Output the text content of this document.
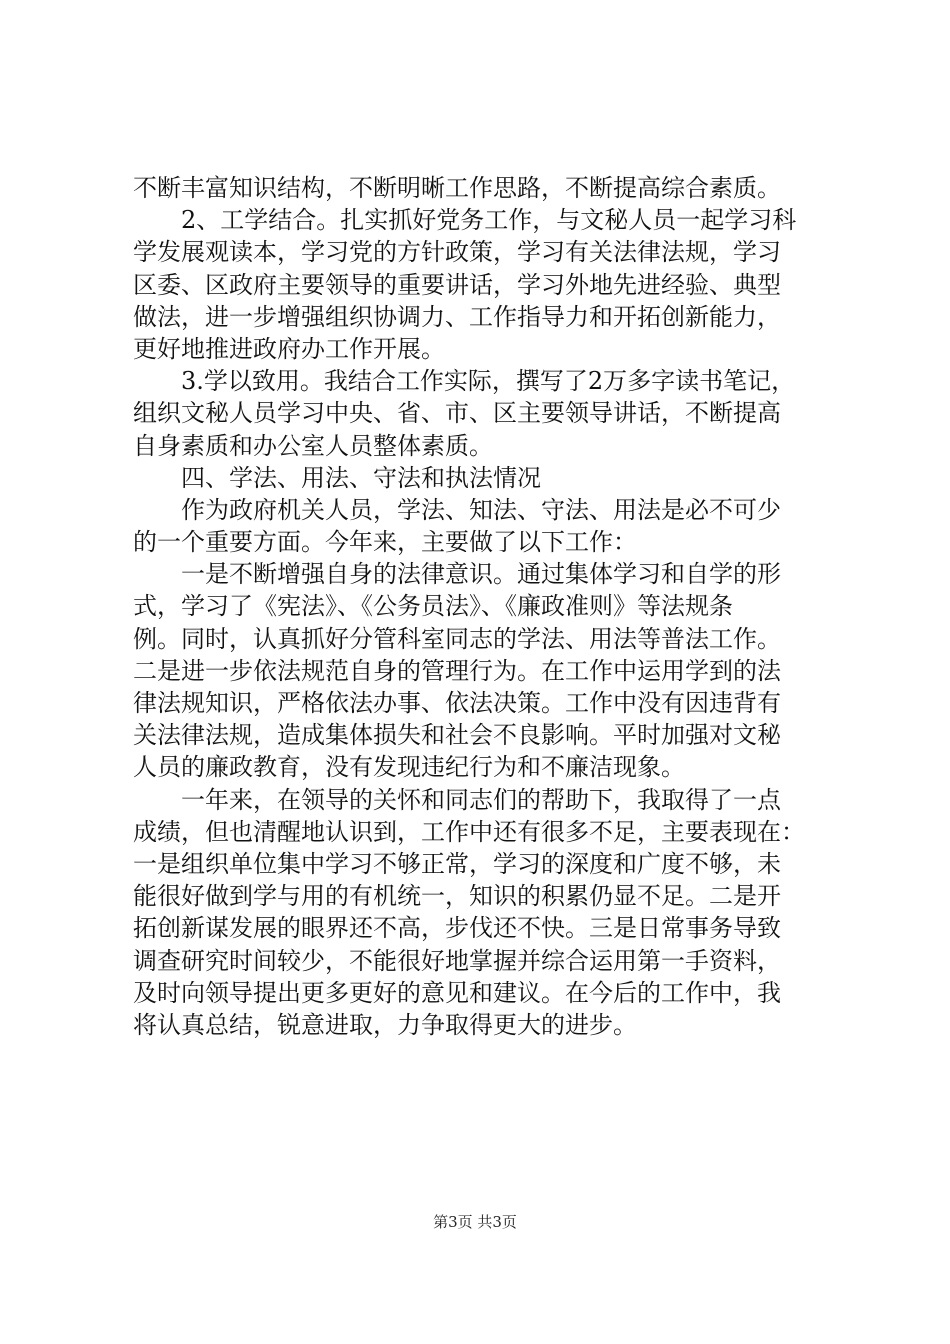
不断丰富知识结构，不断明晰工作思路，不断提高综合素质。
2、工学结合。扎实抓好党务工作，与文秘人员一起学习科
学发展观读本，学习党的方针政策，学习有关法律法规，学习
区委、区政府主要领导的重要讲话，学习外地先进经验、典型
做法，进一步增强组织协调力、工作指导力和开拓创新能力，
更好地推进政府办工作开展。
3.学以致用。我结合工作实际，撰写了2万多字读书笔记，
组织文秘人员学习中央、省、市、区主要领导讲话，不断提高
自身素质和办公室人员整体素质。
四、学法、用法、守法和执法情况
作为政府机关人员，学法、知法、守法、用法是必不可少
的一个重要方面。今年来，主要做了以下工作：
一是不断增强自身的法律意识。通过集体学习和自学的形
式，学习了《宪法》、《公务员法》、《廉政准则》等法规条
例。同时，认真抓好分管科室同志的学法、用法等普法工作。
二是进一步依法规范自身的管理行为。在工作中运用学到的法
律法规知识，严格依法办事、依法决策。工作中没有因违背有
关法律法规，造成集体损失和社会不良影响。平时加强对文秘
人员的廉政教育，没有发现违纪行为和不廉洁现象。
一年来，在领导的关怀和同志们的帮助下，我取得了一点
成绩，但也清醒地认识到，工作中还有很多不足，主要表现在：
一是组织单位集中学习不够正常，学习的深度和广度不够，未
能很好做到学与用的有机统一，知识的积累仍显不足。二是开
拓创新谋发展的眼界还不高，步伐还不快。三是日常事务导致
调查研究时间较少，不能很好地掌握并综合运用第一手资料，
及时向领导提出更多更好的意见和建议。在今后的工作中，我
将认真总结，锐意进取，力争取得更大的进步。
第3页 共3页
